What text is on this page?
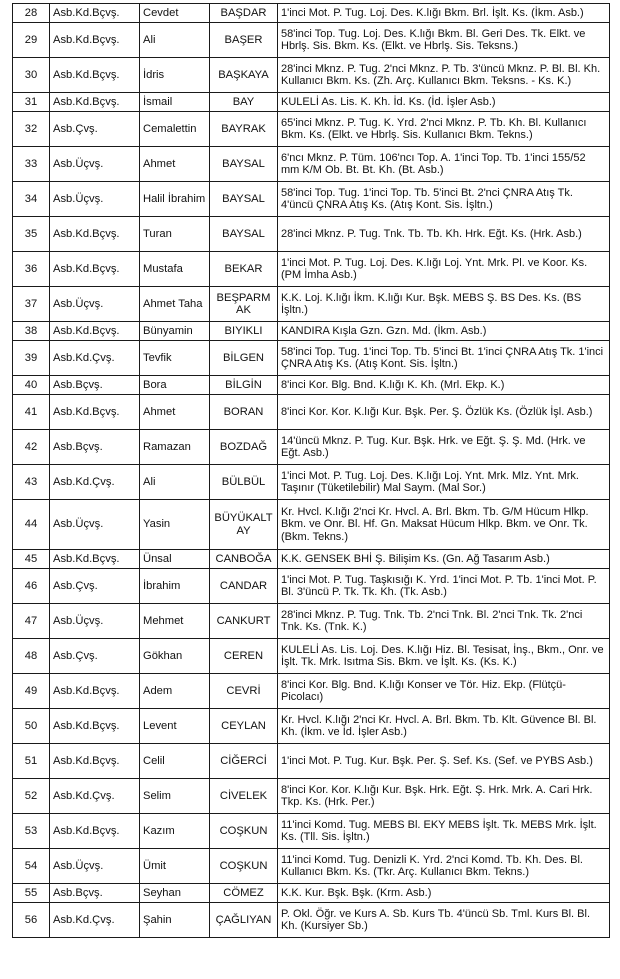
28	Asb.Kd.Bçvş.	Cevdet	BAŞDAR	1'inci Mot. P. Tug. Loj. Des. K.lığı Bkm. Brl. İşlt. Ks. (İkm. Asb.)
29	Asb.Kd.Bçvş.	Ali	BAŞER	58'inci Top. Tug. Loj. Des. K.lığı Bkm. Bl. Geri Des. Tk. Elkt. ve Hbrlş. Sis. Bkm. Ks. (Elkt. ve Hbrlş. Sis. Teksns.)
30	Asb.Kd.Bçvş.	İdris	BAŞKAYA	28'inci Mknz. P. Tug. 2'nci Mknz. P. Tb. 3'üncü Mknz. P. Bl. Bl. Kh. Kullanıcı Bkm. Ks. (Zh. Arç. Kullanıcı Bkm. Teksns. - Ks. K.)
31	Asb.Kd.Bçvş.	İsmail	BAY	KULELİ As. Lis. K. Kh. İd. Ks. (İd. İşler Asb.)
32	Asb.Çvş.	Cemalettin	BAYRAK	65'inci Mknz. P. Tug. K. Yrd. 2'nci Mknz. P. Tb. Kh. Bl. Kullanıcı Bkm. Ks. (Elkt. ve Hbrlş. Sis. Kullanıcı Bkm. Tekns.)
33	Asb.Üçvş.	Ahmet	BAYSAL	6'ncı Mknz. P. Tüm. 106'ncı Top. A. 1'inci Top. Tb. 1'inci 155/52 mm K/M Ob. Bt. Bt. Kh. (Bt. Asb.)
34	Asb.Üçvş.	Halil İbrahim	BAYSAL	58'inci Top. Tug. 1'inci Top. Tb. 5'inci Bt. 2'nci ÇNRA Atış Tk. 4'üncü ÇNRA Atış Ks. (Atış Kont. Sis. İşltn.)
35	Asb.Kd.Bçvş.	Turan	BAYSAL	28'inci Mknz. P. Tug. Tnk. Tb. Tb. Kh. Hrk. Eğt. Ks. (Hrk. Asb.)
36	Asb.Kd.Bçvş.	Mustafa	BEKAR	1'inci Mot. P. Tug. Loj. Des. K.lığı Loj. Ynt. Mrk. Pl. ve Koor. Ks. (PM İmha Asb.)
37	Asb.Üçvş.	Ahmet Taha	BEŞPARMAK	K.K. Loj. K.lığı İkm. K.lığı Kur. Bşk. MEBS Ş. BS Des. Ks. (BS İşltn.)
38	Asb.Kd.Bçvş.	Bünyamin	BIYIKLI	KANDIRA Kışla Gzn. Gzn. Md. (İkm. Asb.)
39	Asb.Kd.Çvş.	Tevfik	BİLGEN	58'inci Top. Tug. 1'inci Top. Tb. 5'inci Bt. 1'inci ÇNRA Atış Tk. 1'inci ÇNRA Atış Ks. (Atış Kont. Sis. İşltn.)
40	Asb.Bçvş.	Bora	BİLGİN	8'inci Kor. Blg. Bnd. K.lığı K. Kh. (Mrl. Ekp. K.)
41	Asb.Kd.Bçvş.	Ahmet	BORAN	8'inci Kor. Kor. K.lığı Kur. Bşk. Per. Ş. Özlük Ks. (Özlük İşl. Asb.)
42	Asb.Bçvş.	Ramazan	BOZDAĞ	14'üncü Mknz. P. Tug. Kur. Bşk. Hrk. ve Eğt. Ş. Ş. Md. (Hrk. ve Eğt. Asb.)
43	Asb.Kd.Çvş.	Ali	BÜLBÜL	1'inci Mot. P. Tug. Loj. Des. K.lığı Loj. Ynt. Mrk. Mlz. Ynt. Mrk. Taşınır (Tüketilebilir) Mal Saym. (Mal Sor.)
44	Asb.Üçvş.	Yasin	BÜYÜKALTAY	Kr. Hvcl. K.lığı 2'nci Kr. Hvcl. A. Brl. Bkm. Tb. G/M Hücum Hlkp. Bkm. ve Onr. Bl. Hf. Gn. Maksat Hücum Hlkp. Bkm. ve Onr. Tk. (Bkm. Tekns.)
45	Asb.Kd.Bçvş.	Ünsal	CANBOĞA	K.K. GENSEK BHİ Ş. Bilişim Ks. (Gn. Ağ Tasarım Asb.)
46	Asb.Çvş.	İbrahim	CANDAR	1'inci Mot. P. Tug. Taşkısığı K. Yrd. 1'inci Mot. P. Tb. 1'inci Mot. P. Bl. 3'üncü P. Tk. Tk. Kh. (Tk. Asb.)
47	Asb.Üçvş.	Mehmet	CANKURT	28'inci Mknz. P. Tug. Tnk. Tb. 2'nci Tnk. Bl. 2'nci Tnk. Tk. 2'nci Tnk. Ks. (Tnk. K.)
48	Asb.Çvş.	Gökhan	CEREN	KULELİ As. Lis. Loj. Des. K.lığı Hiz. Bl. Tesisat, İnş., Bkm., Onr. ve İşlt. Tk. Mrk. Isıtma Sis. Bkm. ve İşlt. Ks. (Ks. K.)
49	Asb.Kd.Bçvş.	Adem	CEVRİ	8'inci Kor. Blg. Bnd. K.lığı Konser ve Tör. Hiz. Ekp. (Flütçü-Picolacı)
50	Asb.Kd.Bçvş.	Levent	CEYLAN	Kr. Hvcl. K.lığı 2'nci Kr. Hvcl. A. Brl. Bkm. Tb. Klt. Güvence Bl. Bl. Kh. (İkm. ve İd. İşler Asb.)
51	Asb.Kd.Bçvş.	Celil	CİĞERCİ	1'inci Mot. P. Tug. Kur. Bşk. Per. Ş. Sef. Ks. (Sef. ve PYBS Asb.)
52	Asb.Kd.Çvş.	Selim	CİVELEK	8'inci Kor. Kor. K.lığı Kur. Bşk. Hrk. Eğt. Ş. Hrk. Mrk. A. Cari Hrk. Tkp. Ks. (Hrk. Per.)
53	Asb.Kd.Bçvş.	Kazım	COŞKUN	11'inci Komd. Tug. MEBS Bl. EKY MEBS İşlt. Tk. MEBS Mrk. İşlt. Ks. (Tll. Sis. İşltn.)
54	Asb.Üçvş.	Ümit	COŞKUN	11'inci Komd. Tug. Denizli K. Yrd. 2'nci Komd. Tb. Kh. Des. Bl. Kullanıcı Bkm. Ks. (Tkr. Arç. Kullanıcı Bkm. Tekns.)
55	Asb.Bçvş.	Seyhan	CÖMEZ	K.K. Kur. Bşk. Bşk. (Krm. Asb.)
56	Asb.Kd.Çvş.	Şahin	ÇAĞLIYAN	P. Okl. Öğr. ve Kurs A. Sb. Kurs Tb. 4'üncü Sb. Tml. Kurs Bl. Bl. Kh. (Kursiyer Sb.)
